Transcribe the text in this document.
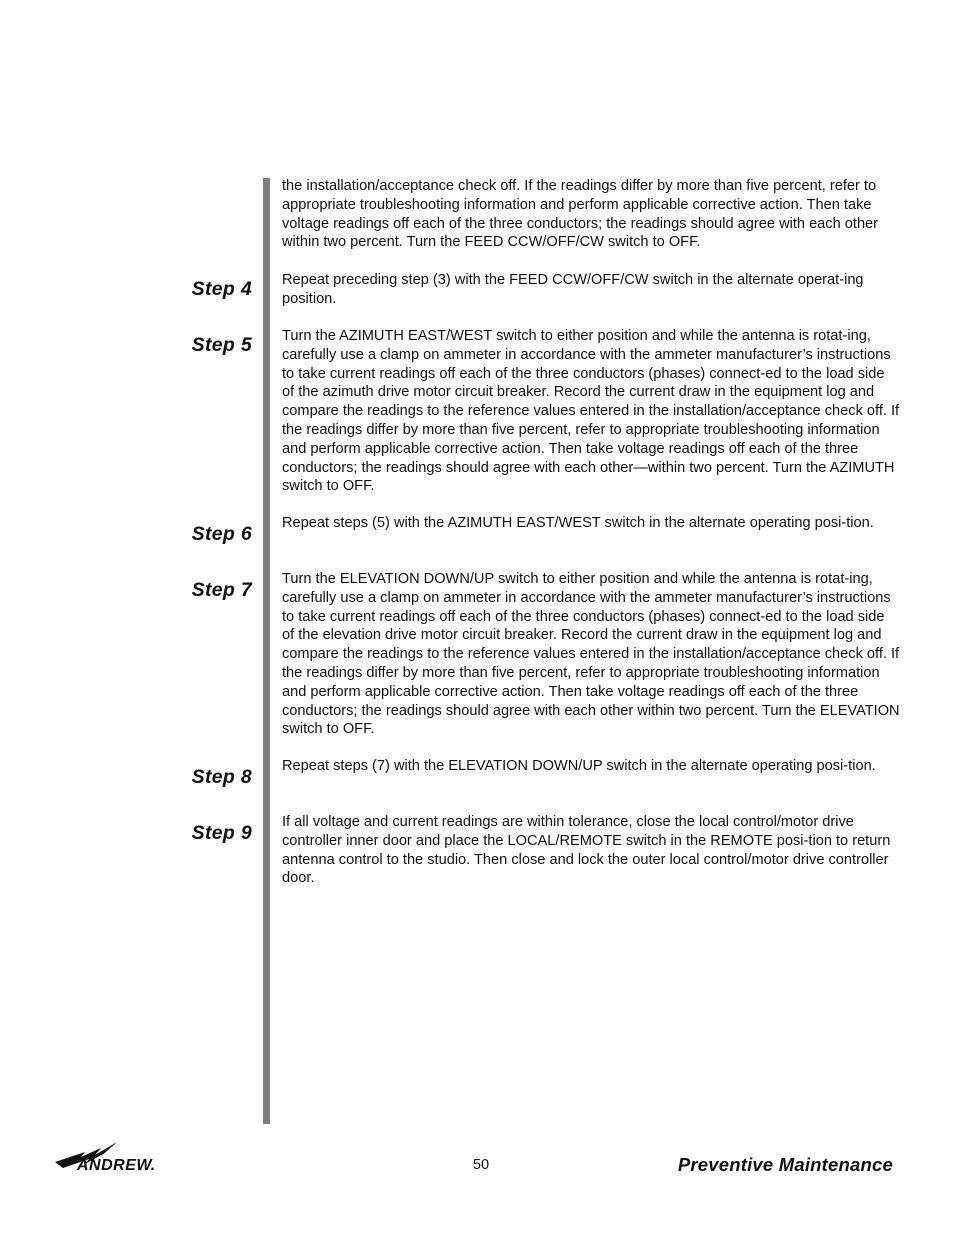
the installation/acceptance check off. If the readings differ by more than five percent, refer to appropriate troubleshooting information and perform applicable corrective action. Then take voltage readings off each of the three conductors; the readings should agree with each other within two percent. Turn the FEED CCW/OFF/CW switch to OFF.

Step 4 Repeat preceding step (3) with the FEED CCW/OFF/CW switch in the alternate operat-ing position.

Step 5 Turn the AZIMUTH EAST/WEST switch to either position and while the antenna is rotat-ing, carefully use a clamp on ammeter in accordance with the ammeter manufacturer’s instructions to take current readings off each of the three conductors (phases) connect-ed to the load side of the azimuth drive motor circuit breaker. Record the current draw in the equipment log and compare the readings to the reference values entered in the installation/acceptance check off. If the readings differ by more than five percent, refer to appropriate troubleshooting information and perform applicable corrective action. Then take voltage readings off each of the three conductors; the readings should agree with each other—within two percent. Turn the AZIMUTH switch to OFF.

Step 6 Repeat steps (5) with the AZIMUTH EAST/WEST switch in the alternate operating posi-tion.

Step 7 Turn the ELEVATION DOWN/UP switch to either position and while the antenna is rotat-ing, carefully use a clamp on ammeter in accordance with the ammeter manufacturer’s instructions to take current readings off each of the three conductors (phases) connect-ed to the load side of the elevation drive motor circuit breaker. Record the current draw in the equipment log and compare the readings to the reference values entered in the installation/acceptance check off. If the readings differ by more than five percent, refer to appropriate troubleshooting information and perform applicable corrective action. Then take voltage readings off each of the three conductors; the readings should agree with each other within two percent. Turn the ELEVATION switch to OFF.

Step 8 Repeat steps (7) with the ELEVATION DOWN/UP switch in the alternate operating posi-tion.

Step 9 If all voltage and current readings are within tolerance, close the local control/motor drive controller inner door and place the LOCAL/REMOTE switch in the REMOTE posi-tion to return antenna control to the studio. Then close and lock the outer local control/motor drive controller door.

ANDREW.	50	Preventive Maintenance
